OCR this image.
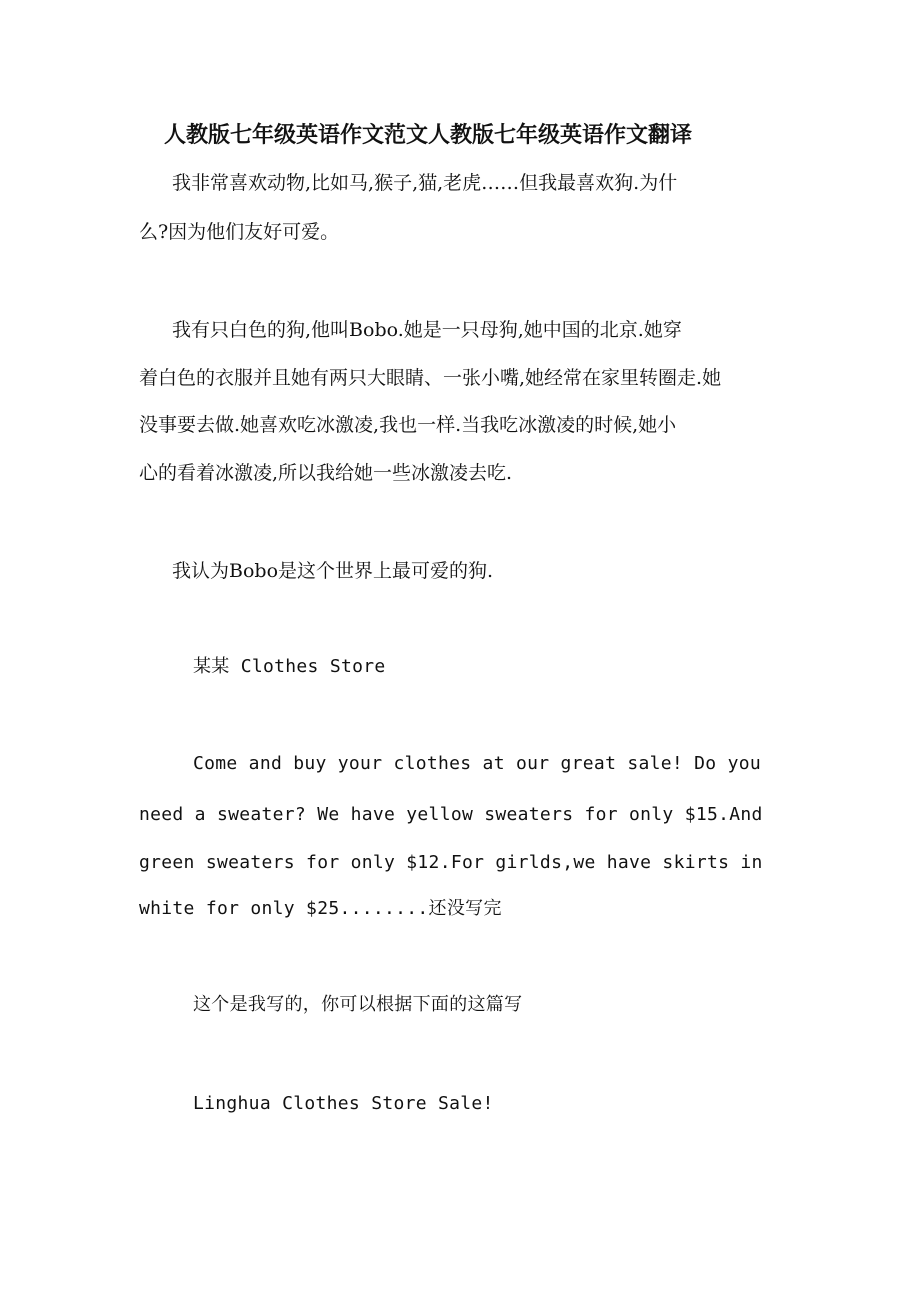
人教版七年级英语作文范文人教版七年级英语作文翻译
我非常喜欢动物,比如马,猴子,猫,老虎……但我最喜欢狗.为什
么?因为他们友好可爱。
我有只白色的狗,他叫Bobo.她是一只母狗,她中国的北京.她穿
着白色的衣服并且她有两只大眼睛、一张小嘴,她经常在家里转圈走.她
没事要去做.她喜欢吃冰激凌,我也一样.当我吃冰激凌的时候,她小
心的看着冰激凌,所以我给她一些冰激凌去吃.
我认为Bobo是这个世界上最可爱的狗.
某某 Clothes Store
Come and buy your clothes at our great sale! Do you
need a sweater? We have yellow sweaters for only $15.And
green sweaters for only $12.For girlds,we have skirts in
white for only $25........还没写完
这个是我写的，你可以根据下面的这篇写
Linghua Clothes Store Sale!
